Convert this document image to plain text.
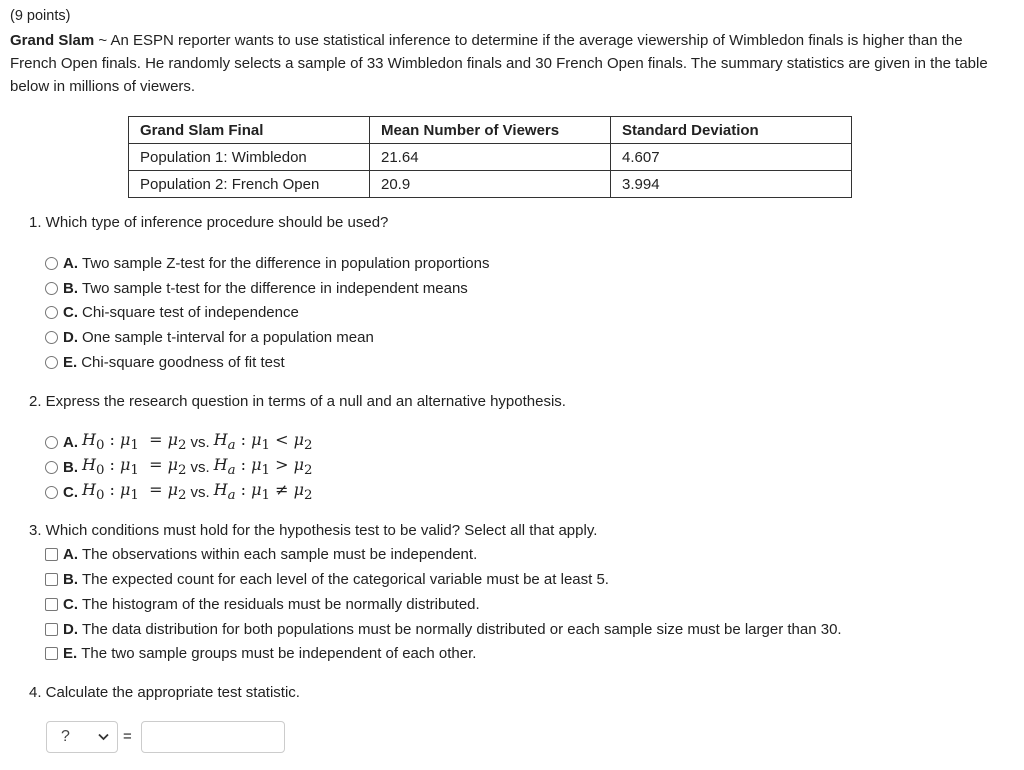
(9 points)
Grand Slam ~ An ESPN reporter wants to use statistical inference to determine if the average viewership of Wimbledon finals is higher than the French Open finals. He randomly selects a sample of 33 Wimbledon finals and 30 French Open finals. The summary statistics are given in the table below in millions of viewers.
Grand Slam Final	Mean Number of Viewers	Standard Deviation
Population 1: Wimbledon	21.64	4.607
Population 2: French Open	20.9	3.994
1. Which type of inference procedure should be used?
A. Two sample Z-test for the difference in population proportions
B. Two sample t-test for the difference in independent means
C. Chi-square test of independence
D. One sample t-interval for a population mean
E. Chi-square goodness of fit test
2. Express the research question in terms of a null and an alternative hypothesis.
A. $H_0$ : $\mu_1 = \mu_2$ vs. $H_a$ : $\mu_1 < \mu_2$
B. $H_0$ : $\mu_1 = \mu_2$ vs. $H_a$ : $\mu_1 > \mu_2$
C. $H_0$ : $\mu_1 = \mu_2$ vs. $H_a$ : $\mu_1 \ne \mu_2$
3. Which conditions must hold for the hypothesis test to be valid? Select all that apply.
A. The observations within each sample must be independent.
B. The expected count for each level of the categorical variable must be at least 5.
C. The histogram of the residuals must be normally distributed.
D. The data distribution for both populations must be normally distributed or each sample size must be larger than 30.
E. The two sample groups must be independent of each other.
4. Calculate the appropriate test statistic.
?	=
